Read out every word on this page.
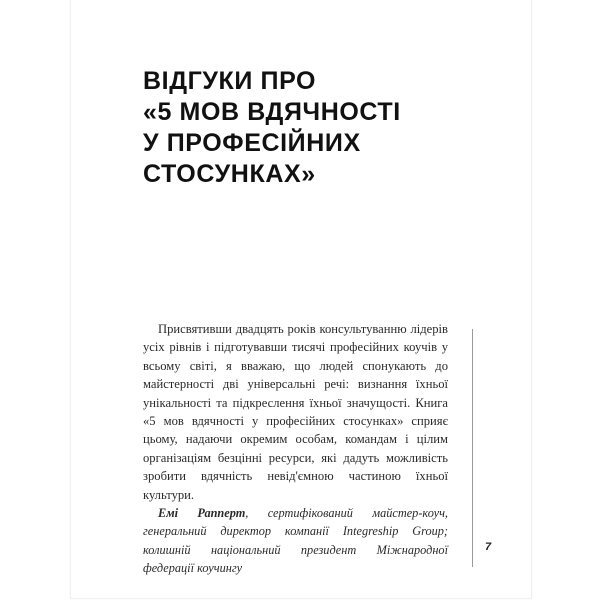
ВІДГУКИ ПРО
«5 МОВ ВДЯЧНОСТІ
У ПРОФЕСІЙНИХ
СТОСУНКАХ»

Присвятивши двадцять років консультуванню лідерів усіх рівнів і підготувавши тисячі професійних коучів у всьому світі, я вважаю, що людей спонукають до майстерності дві універсальні речі: визнання їхньої унікальності та підкреслення їхньої значущості. Книга «5 мов вдячності у професійних стосунках» сприяє цьому, надаючи окремим особам, командам і цілим організаціям безцінні ресурси, які дадуть можливість зробити вдячність невід'ємною частиною їхньої культури.

Емі Рапперт, сертифікований майстер-коуч, генеральний директор компанії Integreship Group; колишній національний президент Міжнародної федерації коучингу

7
